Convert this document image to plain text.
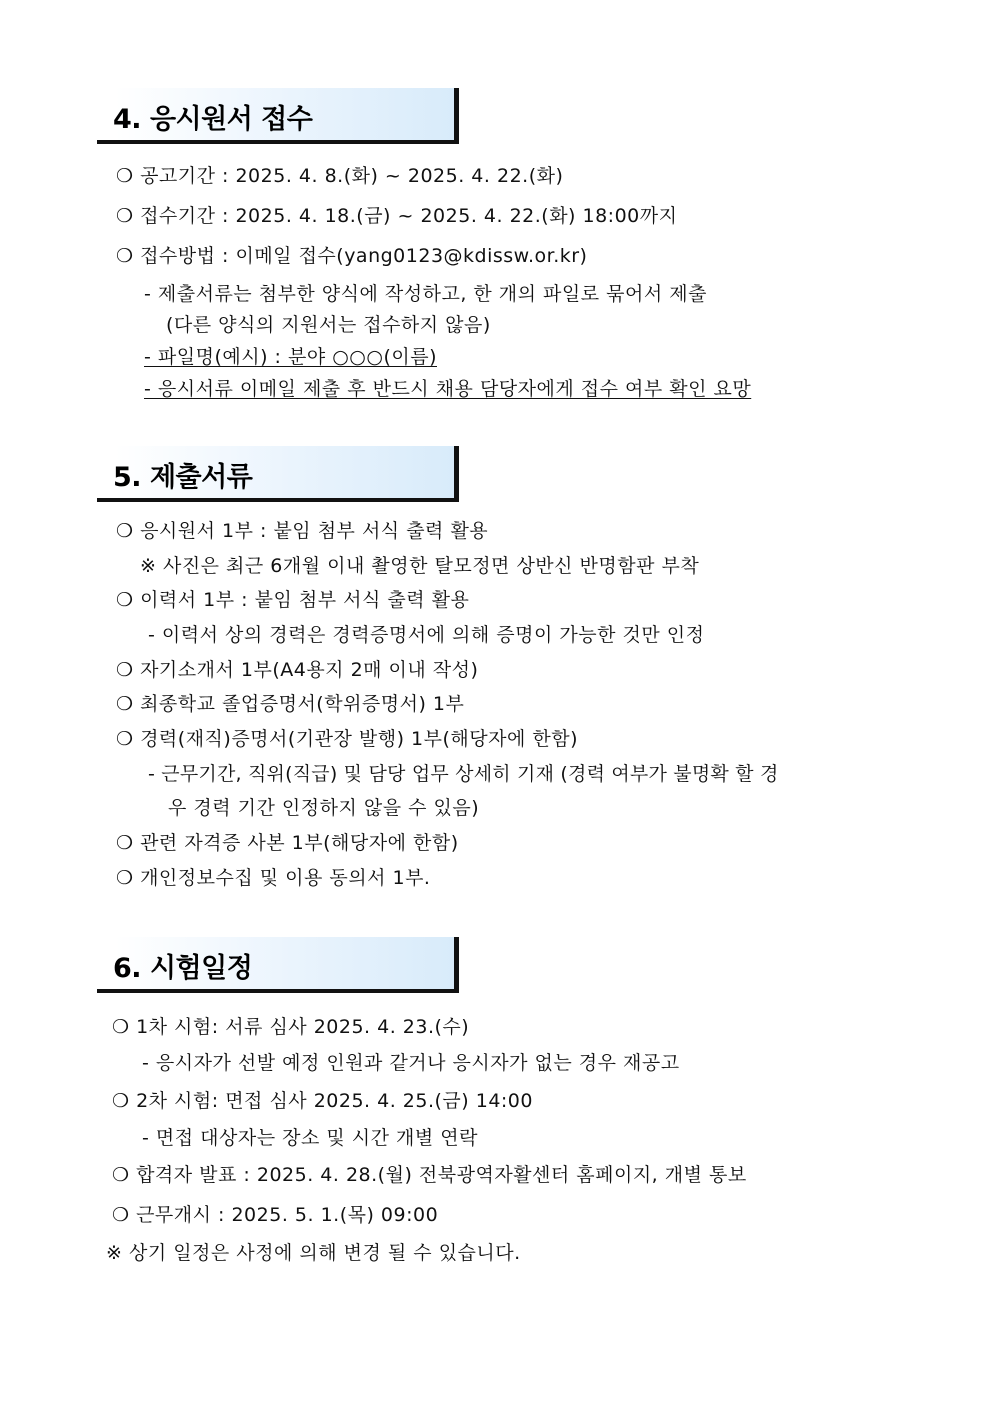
4. 응시원서 접수
❍ 공고기간 : 2025. 4. 8.(화) ~ 2025. 4. 22.(화)
❍ 접수기간 : 2025. 4. 18.(금) ~ 2025. 4. 22.(화) 18:00까지
❍ 접수방법 : 이메일 접수(yang0123@kdissw.or.kr)
- 제출서류는 첨부한 양식에 작성하고, 한 개의 파일로 묶어서 제출
(다른 양식의 지원서는 접수하지 않음)
- 파일명(예시) : 분야 ○○○(이름)
- 응시서류 이메일 제출 후 반드시 채용 담당자에게 접수 여부 확인 요망
5. 제출서류
❍ 응시원서 1부 : 붙임 첨부 서식 출력 활용
※ 사진은 최근 6개월 이내 촬영한 탈모정면 상반신 반명함판 부착
❍ 이력서 1부 : 붙임 첨부 서식 출력 활용
- 이력서 상의 경력은 경력증명서에 의해 증명이 가능한 것만 인정
❍ 자기소개서 1부(A4용지 2매 이내 작성)
❍ 최종학교 졸업증명서(학위증명서) 1부
❍ 경력(재직)증명서(기관장 발행) 1부(해당자에 한함)
- 근무기간, 직위(직급) 및 담당 업무 상세히 기재 (경력 여부가 불명확 할 경
우 경력 기간 인정하지 않을 수 있음)
❍ 관련 자격증 사본 1부(해당자에 한함)
❍ 개인정보수집 및 이용 동의서 1부.
6. 시험일정
❍ 1차 시험: 서류 심사 2025. 4. 23.(수)
- 응시자가 선발 예정 인원과 같거나 응시자가 없는 경우 재공고
❍ 2차 시험: 면접 심사 2025. 4. 25.(금) 14:00
- 면접 대상자는 장소 및 시간 개별 연락
❍ 합격자 발표 : 2025. 4. 28.(월) 전북광역자활센터 홈페이지, 개별 통보
❍ 근무개시 : 2025. 5. 1.(목) 09:00
※ 상기 일정은 사정에 의해 변경 될 수 있습니다.
